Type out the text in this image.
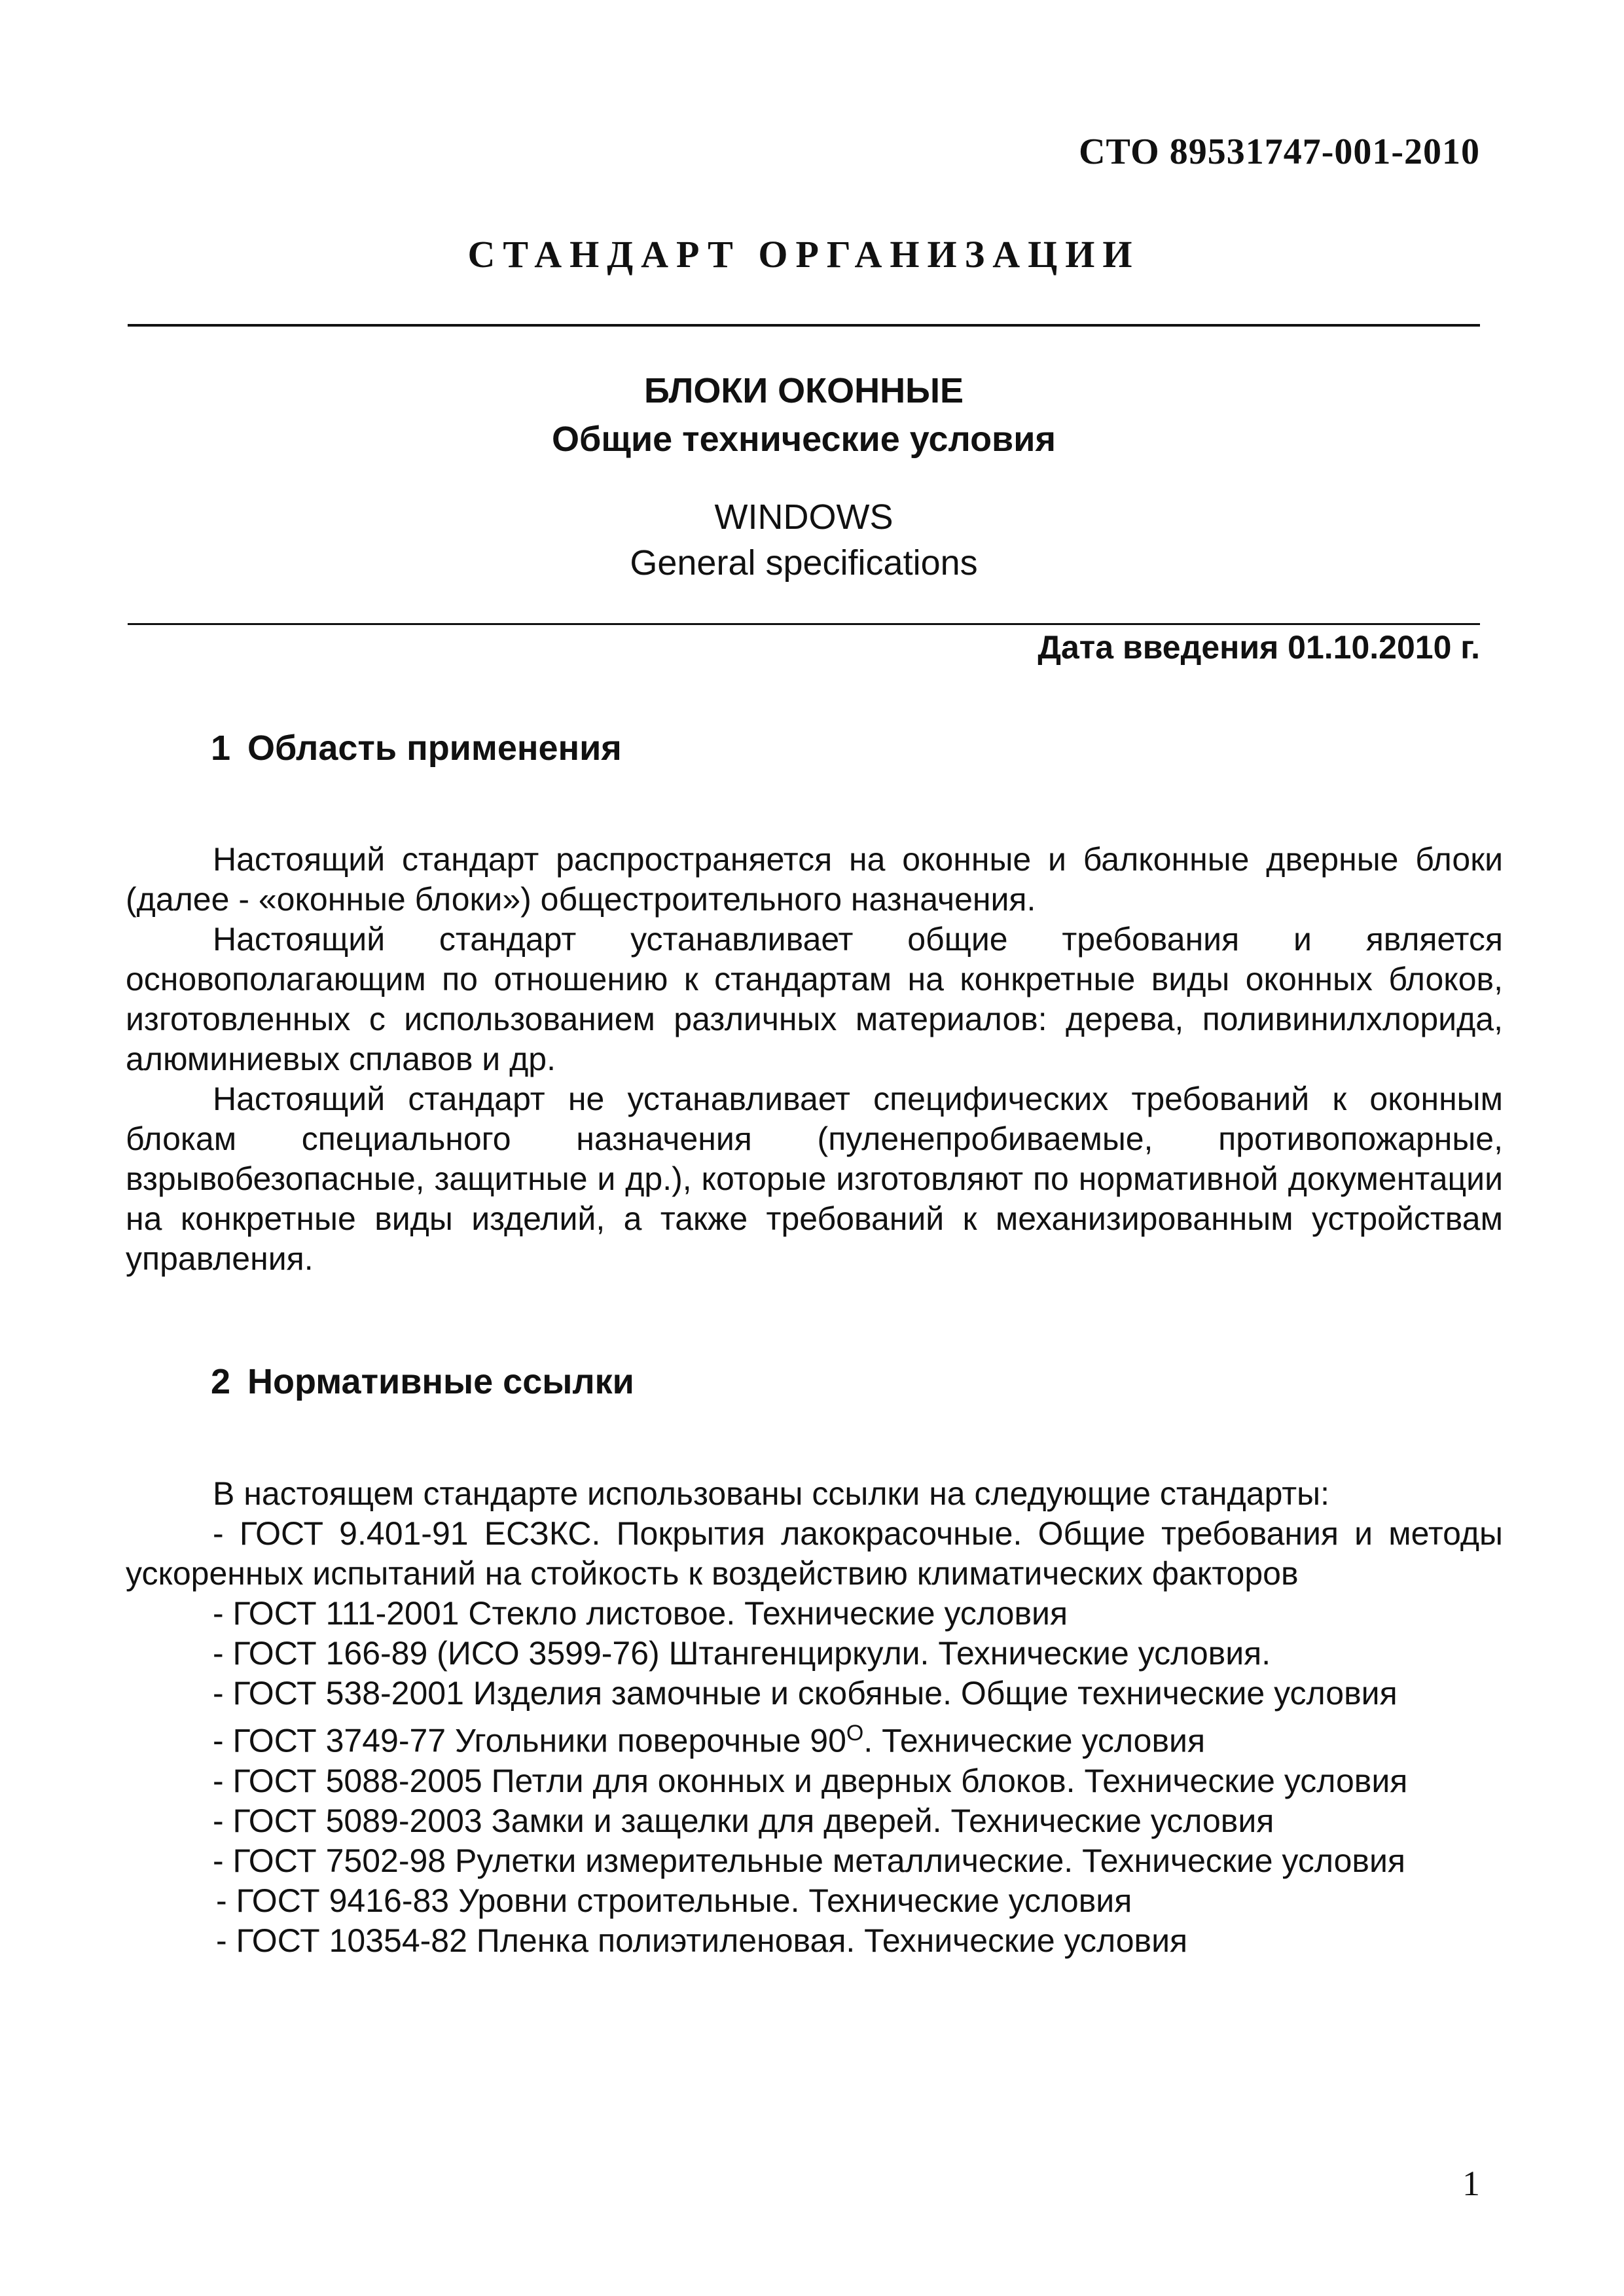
СТО 89531747-001-2010
СТАНДАРТ ОРГАНИЗАЦИИ
БЛОКИ ОКОННЫЕ
Общие технические условия
WINDOWS
General specifications
Дата введения 01.10.2010 г.
1 Область применения

Настоящий стандарт распространяется на оконные и балконные дверные блоки (далее - «оконные блоки») общестроительного назначения.

Настоящий стандарт устанавливает общие требования и является основополагающим по отношению к стандартам на конкретные виды оконных блоков, изготовленных с использованием различных материалов: дерева, поливинилхлорида, алюминиевых сплавов и др.

Настоящий стандарт не устанавливает специфических требований к оконным блокам специального назначения (пуленепробиваемые, противопожарные, взрывобезопасные, защитные и др.), которые изготовляют по нормативной документации на конкретные виды изделий, а также требований к механизированным устройствам управления.

2 Нормативные ссылки
В настоящем стандарте использованы ссылки на следующие стандарты:

- ГОСТ 9.401-91 ЕСЗКС. Покрытия лакокрасочные. Общие требования и методы ускоренных испытаний на стойкость к воздействию климатических факторов

- ГОСТ 111-2001 Стекло листовое. Технические условия

- ГОСТ 166-89 (ИСО 3599-76) Штангенциркули. Технические условия.

- ГОСТ 538-2001 Изделия замочные и скобяные. Общие технические условия

- ГОСТ 3749-77 Угольники поверочные $90^О$. Технические условия

- ГОСТ 5088-2005 Петли для оконных и дверных блоков. Технические условия

- ГОСТ 5089-2003 Замки и защелки для дверей. Технические условия

- ГОСТ 7502-98 Рулетки измерительные металлические. Технические условия

- ГОСТ 9416-83 Уровни строительные. Технические условия

- ГОСТ 10354-82 Пленка полиэтиленовая. Технические условия

1
